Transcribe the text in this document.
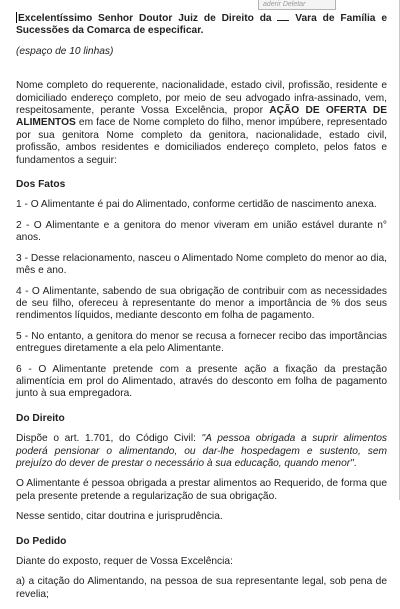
aderir Deletar

Excelentíssimo Senhor Doutor Juiz de Direito da  Vara de Família e Sucessões da Comarca de especificar.

(espaço de 10 linhas)

Nome completo do requerente, nacionalidade, estado civil, profissão, residente e domiciliado endereço completo, por meio de seu advogado infra-assinado, vem, respeitosamente, perante Vossa Excelência, propor AÇÃO DE OFERTA DE ALIMENTOS em face de Nome completo do filho, menor impúbere, representado por sua genitora Nome completo da genitora, nacionalidade, estado civil, profissão, ambos residentes e domiciliados endereço completo, pelos fatos e fundamentos a seguir:

Dos Fatos

1 - O Alimentante é pai do Alimentado, conforme certidão de nascimento anexa.

2 - O Alimentante e a genitora do menor viveram em união estável durante n° anos.

3 - Desse relacionamento, nasceu o Alimentado Nome completo do menor ao dia, mês e ano.

4 - O Alimentante, sabendo de sua obrigação de contribuir com as necessidades de seu filho, ofereceu à representante do menor a importância de % dos seus rendimentos líquidos, mediante desconto em folha de pagamento.

5 - No entanto, a genitora do menor se recusa a fornecer recibo das importâncias entregues diretamente a ela pelo Alimentante.

6 - O Alimentante pretende com a presente ação a fixação da prestação alimentícia em prol do Alimentado, através do desconto em folha de pagamento junto à sua empregadora.

Do Direito

Dispõe o art. 1.701, do Código Civil: "A pessoa obrigada a suprir alimentos poderá pensionar o alimentando, ou dar-lhe hospedagem e sustento, sem prejuízo do dever de prestar o necessário à sua educação, quando menor".

O Alimentante é pessoa obrigada a prestar alimentos ao Requerido, de forma que pela presente pretende a regularização de sua obrigação.

Nesse sentido, citar doutrina e jurisprudência.

Do Pedido

Diante do exposto, requer de Vossa Excelência:

a) a citação do Alimentando, na pessoa de sua representante legal, sob pena de revelia;
